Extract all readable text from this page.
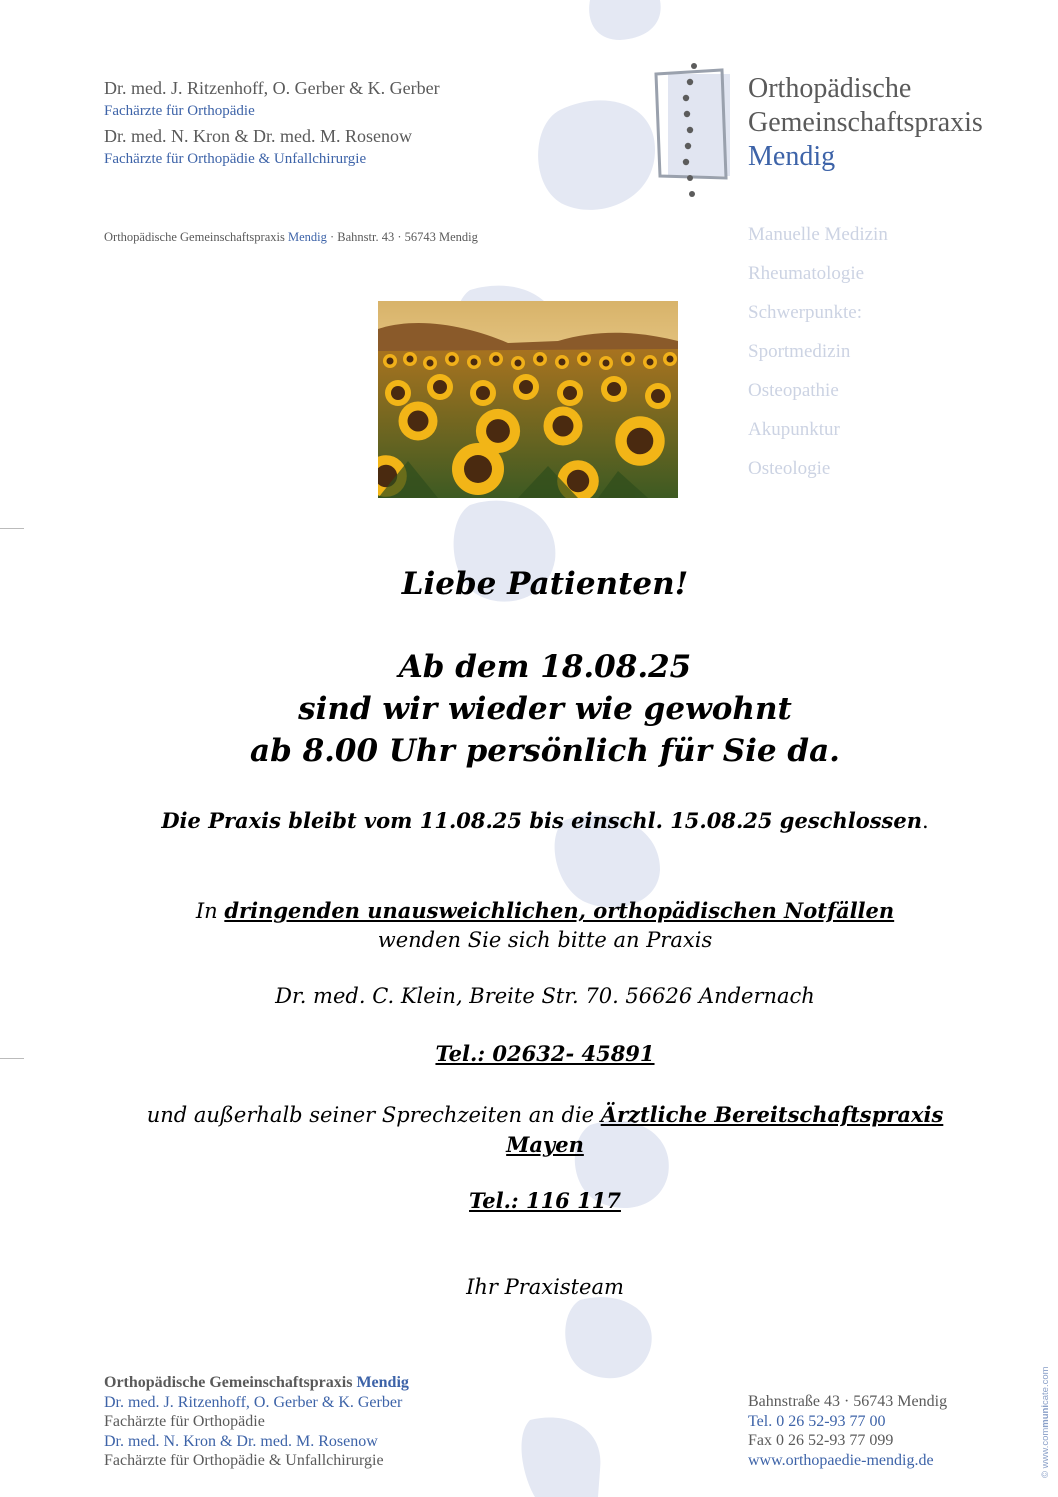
Dr. med. J. Ritzenhoff, O. Gerber & K. Gerber
Fachärzte für Orthopädie
Dr. med. N. Kron & Dr. med. M. Rosenow
Fachärzte für Orthopädie & Unfallchirurgie
Orthopädische Gemeinschaftspraxis Mendig · Bahnstr. 43 · 56743 Mendig
Orthopädische
Gemeinschaftspraxis
Mendig
Manuelle Medizin
Rheumatologie
Schwerpunkte:
Sportmedizin
Osteopathie
Akupunktur
Osteologie
Liebe Patienten!
Ab dem 18.08.25
sind wir wieder wie gewohnt
ab 8.00 Uhr persönlich für Sie da.
Die Praxis bleibt vom 11.08.25 bis einschl. 15.08.25 geschlossen.
In dringenden unausweichlichen, orthopädischen Notfällen
wenden Sie sich bitte an Praxis
Dr. med. C. Klein, Breite Str. 70. 56626 Andernach
Tel.: 02632- 45891
und außerhalb seiner Sprechzeiten an die Ärztliche Bereitschaftspraxis
Mayen
Tel.: 116 117
Ihr Praxisteam
Orthopädische Gemeinschaftspraxis Mendig
Dr. med. J. Ritzenhoff, O. Gerber & K. Gerber
Fachärzte für Orthopädie
Dr. med. N. Kron & Dr. med. M. Rosenow
Fachärzte für Orthopädie & Unfallchirurgie
Bahnstraße 43 · 56743 Mendig
Tel. 0 26 52-93 77 00
Fax 0 26 52-93 77 099
www.orthopaedie-mendig.de	© www.communicate.com
